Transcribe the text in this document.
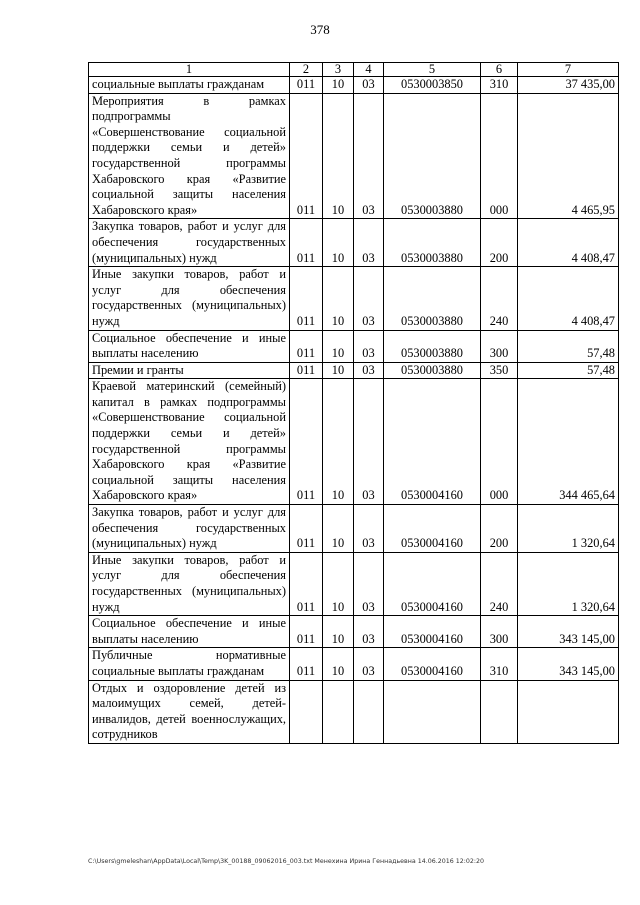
378
1	2	3	4	5	6	7
социальные выплаты гражданам	011	10	03	0530003850	310	37 435,00
Мероприятия в рамках подпрограммы «Совершенствование социальной поддержки семьи и детей» государственной программы Хабаровского края «Развитие социальной защиты населения Хабаровского края»	011	10	03	0530003880	000	4 465,95
Закупка товаров, работ и услуг для обеспечения государственных (муниципальных) нужд	011	10	03	0530003880	200	4 408,47
Иные закупки товаров, работ и услуг для обеспечения государственных (муниципальных) нужд	011	10	03	0530003880	240	4 408,47
Социальное обеспечение и иные выплаты населению	011	10	03	0530003880	300	57,48
Премии и гранты	011	10	03	0530003880	350	57,48
Краевой материнский (семейный) капитал в рамках подпрограммы «Совершенствование социальной поддержки семьи и детей» государственной программы Хабаровского края «Развитие социальной защиты населения Хабаровского края»	011	10	03	0530004160	000	344 465,64
Закупка товаров, работ и услуг для обеспечения государственных (муниципальных) нужд	011	10	03	0530004160	200	1 320,64
Иные закупки товаров, работ и услуг для обеспечения государственных (муниципальных) нужд	011	10	03	0530004160	240	1 320,64
Социальное обеспечение и иные выплаты населению	011	10	03	0530004160	300	343 145,00
Публичные нормативные социальные выплаты гражданам	011	10	03	0530004160	310	343 145,00
Отдых и оздоровление детей из малоимущих семей, детей-инвалидов, детей военнослужащих, сотрудников						
C:\Users\gmeleshan\AppData\Local\Temp\3K_00188_09062016_003.txt Менехина Ирина Геннадьевна 14.06.2016 12:02:20
